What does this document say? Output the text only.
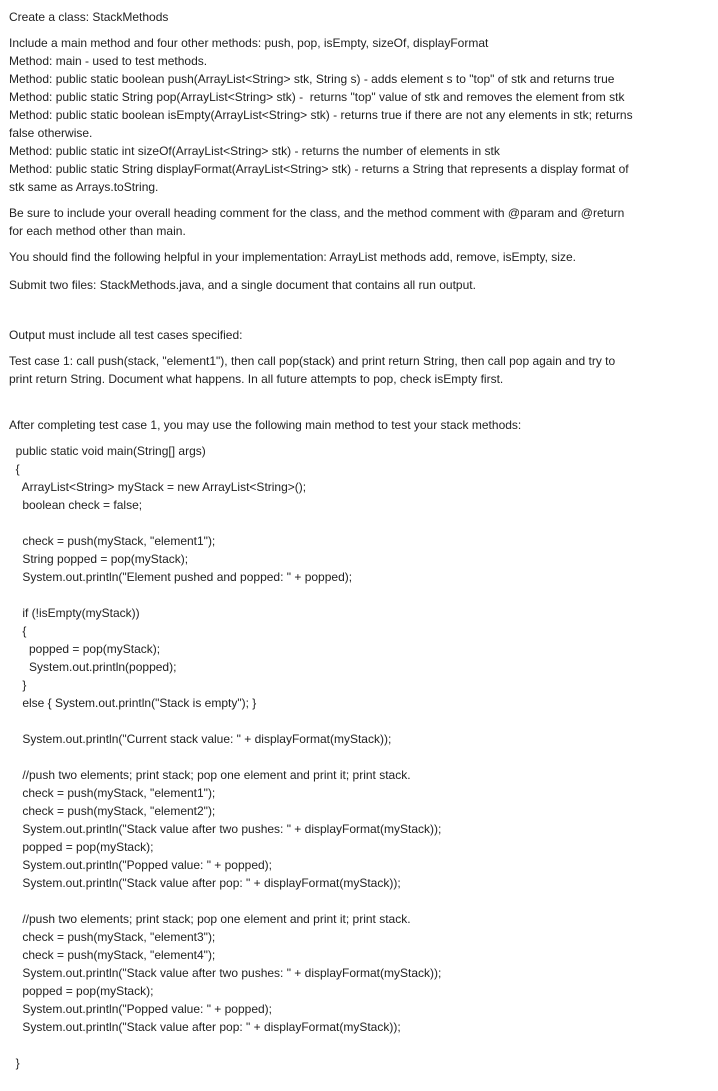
Create a class: StackMethods
Include a main method and four other methods: push, pop, isEmpty, sizeOf, displayFormat
Method: main - used to test methods.
Method: public static boolean push(ArrayList<String> stk, String s) - adds element s to "top" of stk and returns true
Method: public static String pop(ArrayList<String> stk) -  returns "top" value of stk and removes the element from stk
Method: public static boolean isEmpty(ArrayList<String> stk) - returns true if there are not any elements in stk; returns
false otherwise.
Method: public static int sizeOf(ArrayList<String> stk) - returns the number of elements in stk
Method: public static String displayFormat(ArrayList<String> stk) - returns a String that represents a display format of
stk same as Arrays.toString.
Be sure to include your overall heading comment for the class, and the method comment with @param and @return
for each method other than main.
You should find the following helpful in your implementation: ArrayList methods add, remove, isEmpty, size.
Submit two files: StackMethods.java, and a single document that contains all run output.
Output must include all test cases specified:
Test case 1: call push(stack, "element1"), then call pop(stack) and print return String, then call pop again and try to
print return String. Document what happens. In all future attempts to pop, check isEmpty first.
After completing test case 1, you may use the following main method to test your stack methods:
public static void main(String[] args)
{
ArrayList<String> myStack = new ArrayList<String>();
boolean check = false;
check = push(myStack, "element1");
String popped = pop(myStack);
System.out.println("Element pushed and popped: " + popped);
if (!isEmpty(myStack))
{
popped = pop(myStack);
System.out.println(popped);
}
else { System.out.println("Stack is empty"); }
System.out.println("Current stack value: " + displayFormat(myStack));
//push two elements; print stack; pop one element and print it; print stack.
check = push(myStack, "element1");
check = push(myStack, "element2");
System.out.println("Stack value after two pushes: " + displayFormat(myStack));
popped = pop(myStack);
System.out.println("Popped value: " + popped);
System.out.println("Stack value after pop: " + displayFormat(myStack));
//push two elements; print stack; pop one element and print it; print stack.
check = push(myStack, "element3");
check = push(myStack, "element4");
System.out.println("Stack value after two pushes: " + displayFormat(myStack));
popped = pop(myStack);
System.out.println("Popped value: " + popped);
System.out.println("Stack value after pop: " + displayFormat(myStack));
}
